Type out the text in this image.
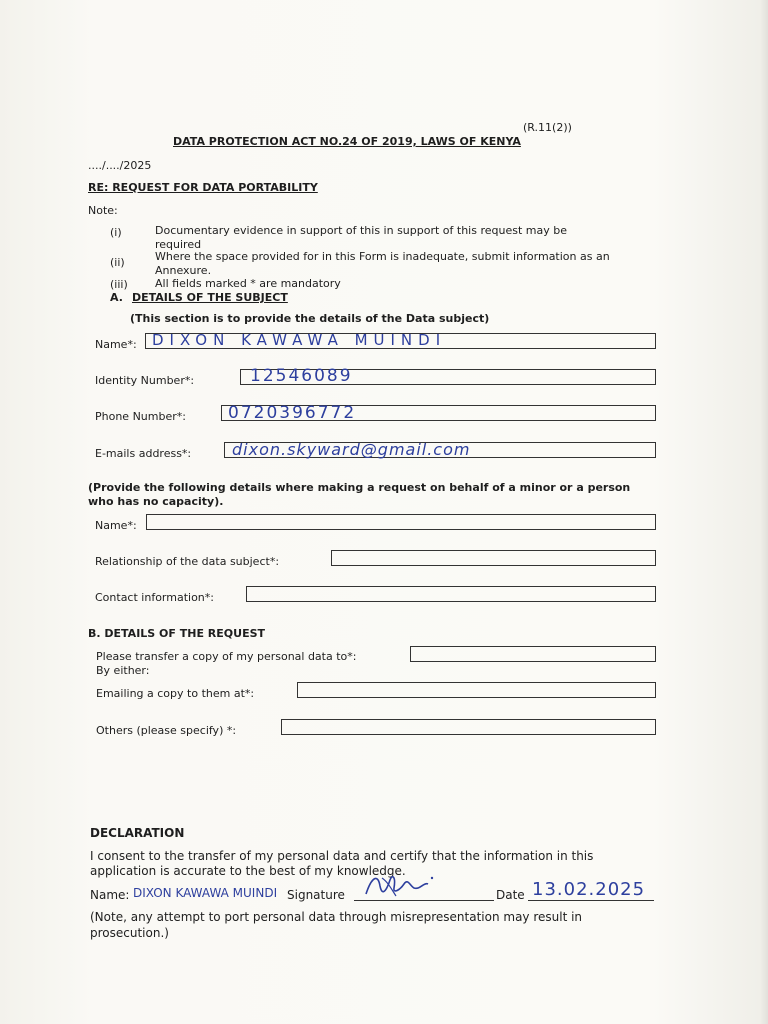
(R.11(2))
DATA PROTECTION ACT NO.24 OF 2019, LAWS OF KENYA
..../..../2025
RE: REQUEST FOR DATA PORTABILITY
Note:
(i)	Documentary evidence in support of this in support of this request may be
required
(ii)	Where the space provided for in this Form is inadequate, submit information as an
Annexure.
(iii) All fields marked * are mandatory
A. DETAILS OF THE SUBJECT
(This section is to provide the details of the Data subject)
Name*: DIXON KAWAWA MUINDI
Identity Number*:	12546089
Phone Number*: 0720396772
E-mails address*:	dixon.skyward@gmail.com
(Provide the following details where making a request on behalf of a minor or a person
who has no capacity).
Name*:
Relationship of the data subject*:
Contact information*:
B. DETAILS OF THE REQUEST
Please transfer a copy of my personal data to*:
By either:
Emailing a copy to them at*:
Others (please specify) *:
DECLARATION
I consent to the transfer of my personal data and certify that the information in this
application is accurate to the best of my knowledge.
Name: DIXON KAWAWA MUINDI Signature	Date 13.02.2025
(Note, any attempt to port personal data through misrepresentation may result in
prosecution.)
